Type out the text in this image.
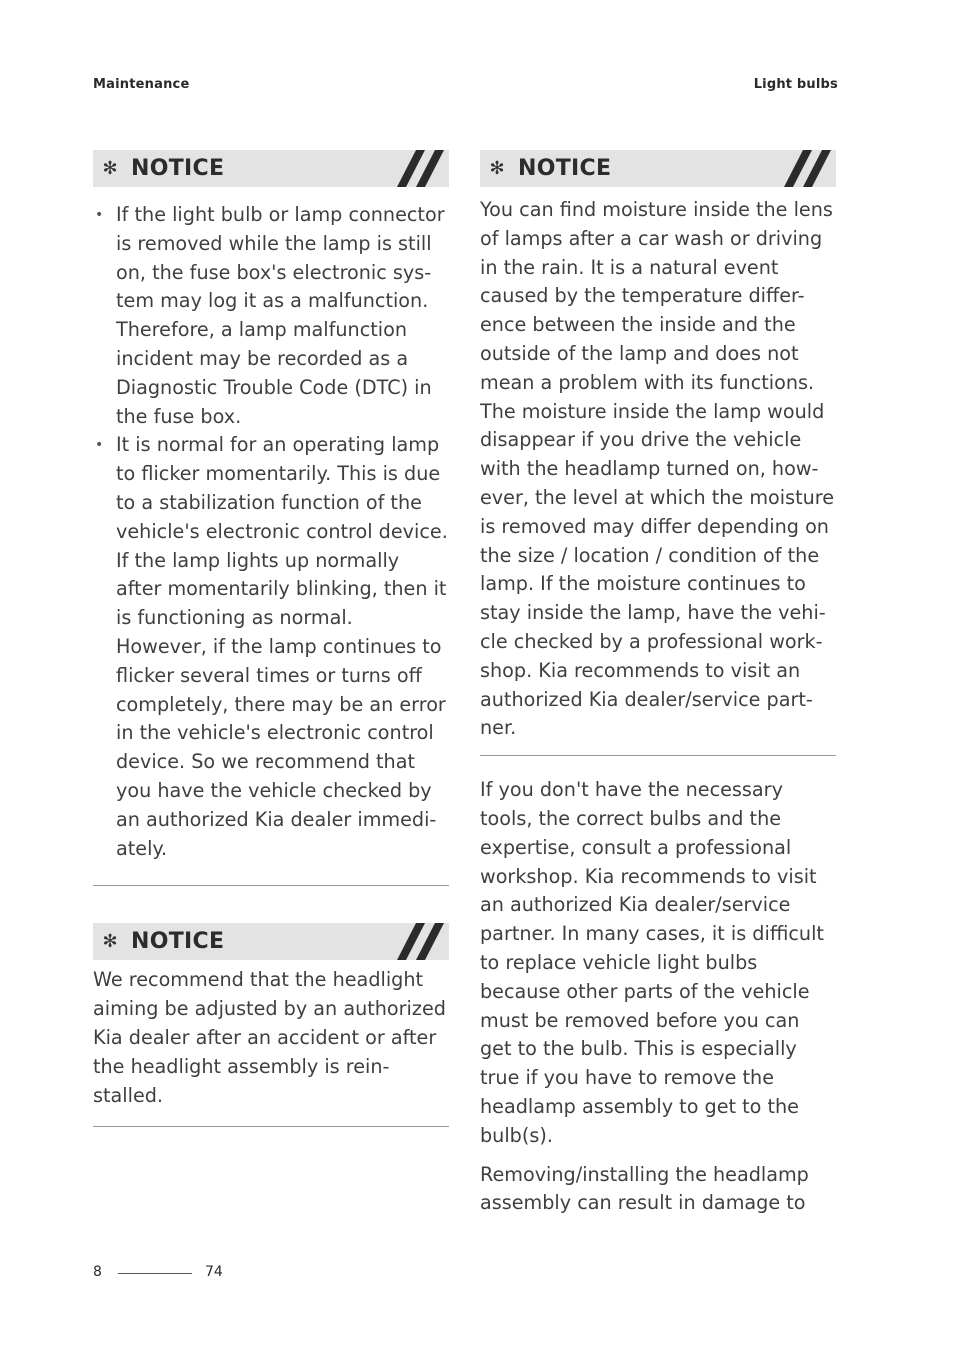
Maintenance	Light bulbs
✻ NOTICE
• If the light bulb or lamp connector is removed while the lamp is still on, the fuse box's electronic sys-tem may log it as a malfunction. Therefore, a lamp malfunction incident may be recorded as a Diagnostic Trouble Code (DTC) in the fuse box.
• It is normal for an operating lamp to flicker momentarily. This is due to a stabilization function of the vehicle's electronic control device. If the lamp lights up normally after momentarily blinking, then it is functioning as normal. However, if the lamp continues to flicker several times or turns off completely, there may be an error in the vehicle's electronic control device. So we recommend that you have the vehicle checked by an authorized Kia dealer immedi-ately.
✻ NOTICE

We recommend that the headlight aiming be adjusted by an authorized Kia dealer after an accident or after the headlight assembly is rein-stalled.

✻ NOTICE

You can find moisture inside the lens of lamps after a car wash or driving in the rain. It is a natural event caused by the temperature differ-ence between the inside and the outside of the lamp and does not mean a problem with its functions. The moisture inside the lamp would disappear if you drive the vehicle with the headlamp turned on, how-ever, the level at which the moisture is removed may differ depending on the size / location / condition of the lamp. If the moisture continues to stay inside the lamp, have the vehi-cle checked by a professional work-shop. Kia recommends to visit an authorized Kia dealer/service part-ner.

If you don't have the necessary tools, the correct bulbs and the expertise, consult a professional workshop. Kia recommends to visit an authorized Kia dealer/service partner. In many cases, it is difficult to replace vehicle light bulbs because other parts of the vehicle must be removed before you can get to the bulb. This is especially true if you have to remove the headlamp assembly to get to the bulb(s).

Removing/installing the headlamp assembly can result in damage to

8	74
